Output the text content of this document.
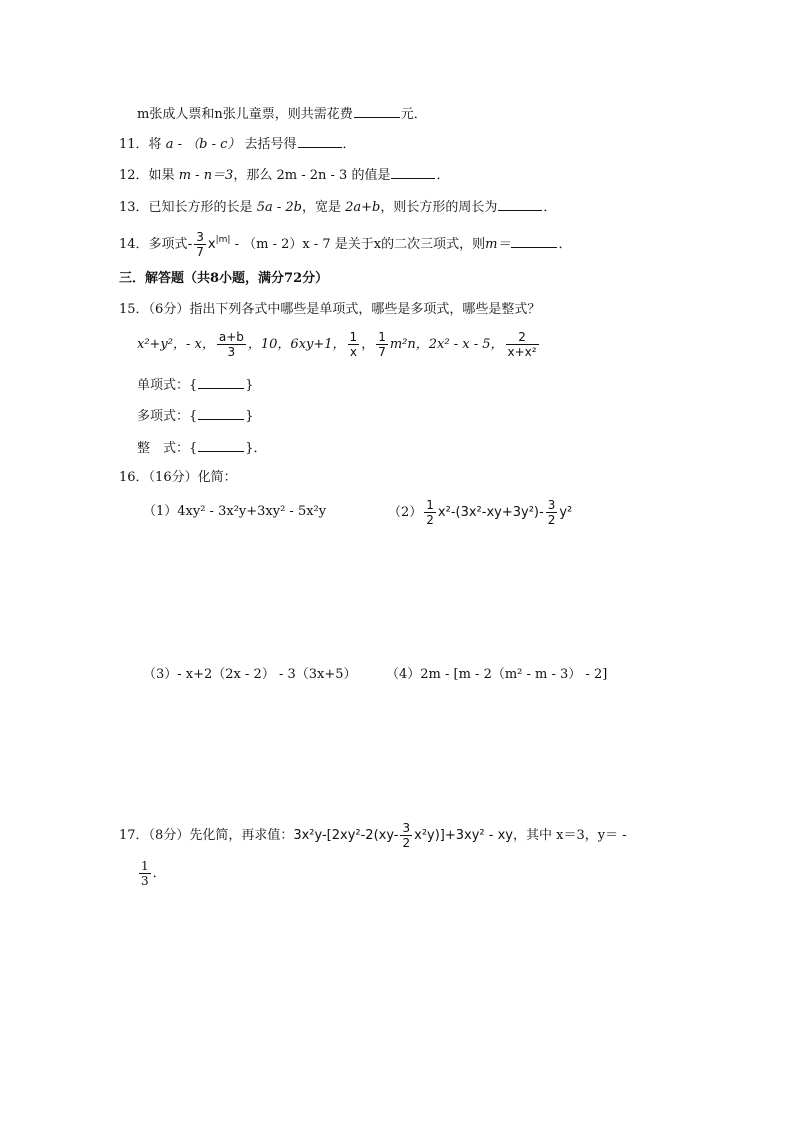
m张成人票和n张儿童票，则共需花费	元．
11．将 a - （b - c） 去括号得	．
12．如果 m - n＝3，那么 2m - 2n - 3 的值是	．
13．已知长方形的长是 5a - 2b，宽是 2a+b，则长方形的周长为	．
14．多项式- $\frac{3}{7} x^{|m|} - (m - 2)x - 7$ 是关于x的二次三项式，则m＝	．
三．解答题（共8小题，满分72分）
15．（6分）指出下列各式中哪些是单项式，哪些是多项式，哪些是整式？
x²+y²，- x， $\frac{a+b}{3}$ ，10，6xy+1， $\frac{1}{x}$ ， $\frac{1}{7} m^2n$，2x² - x - 5， $\frac{2}{\text{x+x²}}$
单项式：{	}
多项式：{	}
整　式：{	}．
16．（16分）化简：
（1）4xy² - 3x²y+3xy² - 5x²y	$(2) \frac{1}{2} x^2-(3x^2-xy+3y^2)- \frac{3}{2} y^2$
（3）- x+2（2x - 2） - 3（3x+5） （4）2m - [m - 2（m² - m - 3） - 2]
17．（8分）先化简，再求值：$3x^2y-[2xy^2-2(xy- \frac{3}{2} x^2y)]+3xy^2$ - xy，其中 x＝3，y＝ -
$\frac{1}{3}$ ．
